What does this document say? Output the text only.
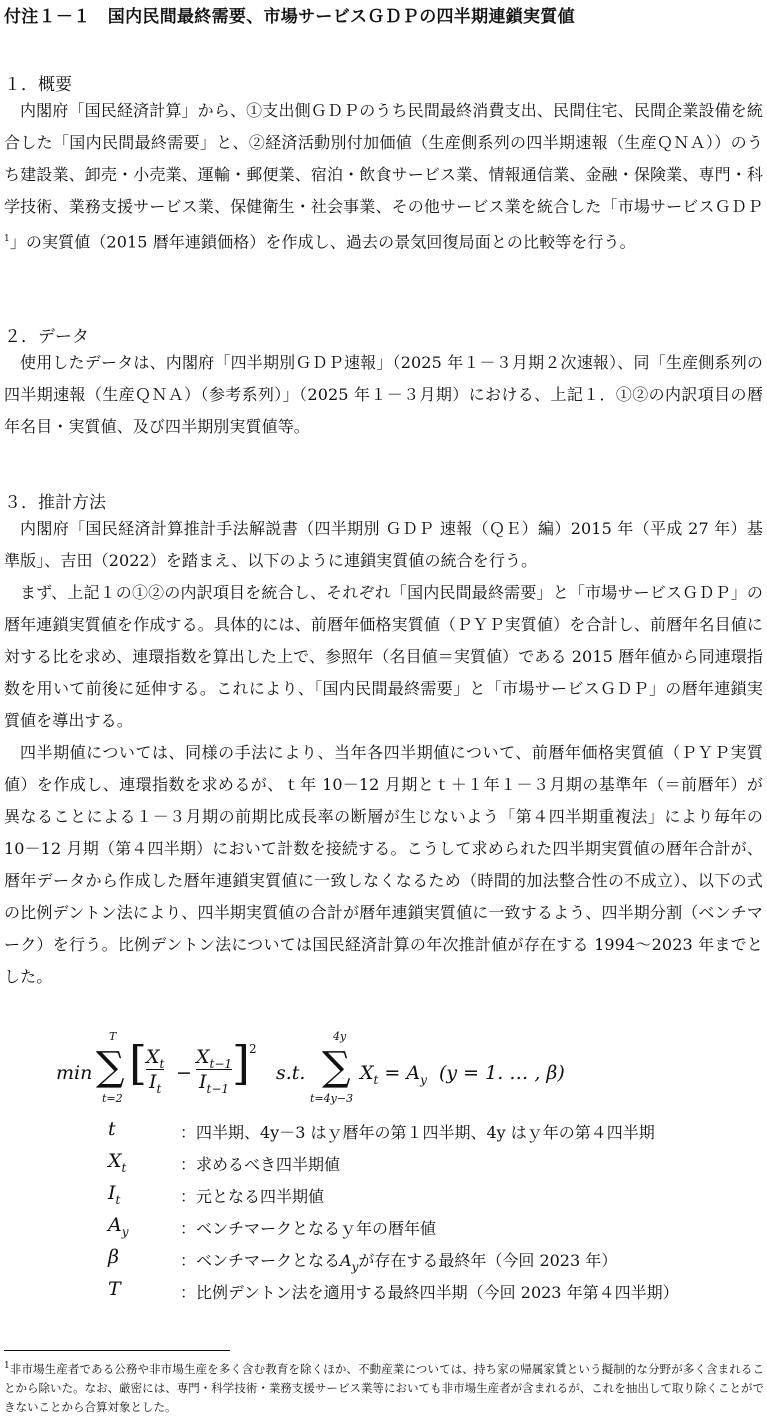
付注１－１　国内民間最終需要、市場サービスＧＤＰの四半期連鎖実質値
１．概要

内閣府「国民経済計算」から、①支出側ＧＤＰのうち民間最終消費支出、民間住宅、民間企業設備を統合した「国内民間最終需要」と、②経済活動別付加価値（生産側系列の四半期速報（生産ＱＮＡ））のうち建設業、卸売・小売業、運輸・郵便業、宿泊・飲食サービス業、情報通信業、金融・保険業、専門・科学技術、業務支援サービス業、保健衛生・社会事業、その他サービス業を統合した「市場サービスＧＤＰ$^1$」の実質値（2015 暦年連鎖価格）を作成し、過去の景気回復局面との比較等を行う。

２．データ

使用したデータは、内閣府「四半期別ＧＤＰ速報」（2025 年１－３月期２次速報）、同「生産側系列の四半期速報（生産ＱＮＡ）（参考系列）」（2025 年１－３月期）における、上記１．①②の内訳項目の暦年名目・実質値、及び四半期別実質値等。

３．推計方法

内閣府「国民経済計算推計手法解説書（四半期別 ＧＤＰ 速報（ＱＥ）編）2015 年（平成 27 年）基準版」、吉田（2022）を踏まえ、以下のように連鎖実質値の統合を行う。

まず、上記１の①②の内訳項目を統合し、それぞれ「国内民間最終需要」と「市場サービスＧＤＰ」の暦年連鎖実質値を作成する。具体的には、前暦年価格実質値（ＰＹＰ実質値）を合計し、前暦年名目値に対する比を求め、連環指数を算出した上で、参照年（名目値＝実質値）である 2015 暦年値から同連環指数を用いて前後に延伸する。これにより、「国内民間最終需要」と「市場サービスＧＤＰ」の暦年連鎖実質値を導出する。

四半期値については、同様の手法により、当年各四半期値について、前暦年価格実質値（ＰＹＰ実質値）を作成し、連環指数を求めるが、ｔ年 10－12 月期とｔ＋１年１－３月期の基準年（＝前暦年）が異なることによる１－３月期の前期比成長率の断層が生じないよう「第４四半期重複法」により毎年の 10－12 月期（第４四半期）において計数を接続する。こうして求められた四半期実質値の暦年合計が、暦年データから作成した暦年連鎖実質値に一致しなくなるため（時間的加法整合性の不成立）、以下の式の比例デントン法により、四半期実質値の合計が暦年連鎖実質値に一致するよう、四半期分割（ベンチマーク）を行う。比例デントン法については国民経済計算の年次推計値が存在する 1994～2023 年までとした。

min
T
∑
t=2
[ $X_t$
$I_t$
−
$X_{t-1}$
$I_{t-1}$ ] 2
s.t.
4y
∑
t=4y−3
$X_t = A_y$ (y = 1. … , β)
t	：四半期、4y－3 はｙ暦年の第１四半期、4y はｙ年の第４四半期
$X_t$	：求めるべき四半期値
$I_t$	：元となる四半期値
$A_y$	：ベンチマークとなるｙ年の暦年値
β	：ベンチマークとなる$A_y$が存在する最終年（今回 2023 年）
T	：比例デントン法を適用する最終四半期（今回 2023 年第４四半期）

$^1$非市場生産者である公務や非市場生産を多く含む教育を除くほか、不動産業については、持ち家の帰属家賃という擬制的な分野が多く含まれることから除いた。なお、厳密には、専門・科学技術・業務支援サービス業等においても非市場生産者が含まれるが、これを抽出して取り除くことができないことから合算対象とした。
